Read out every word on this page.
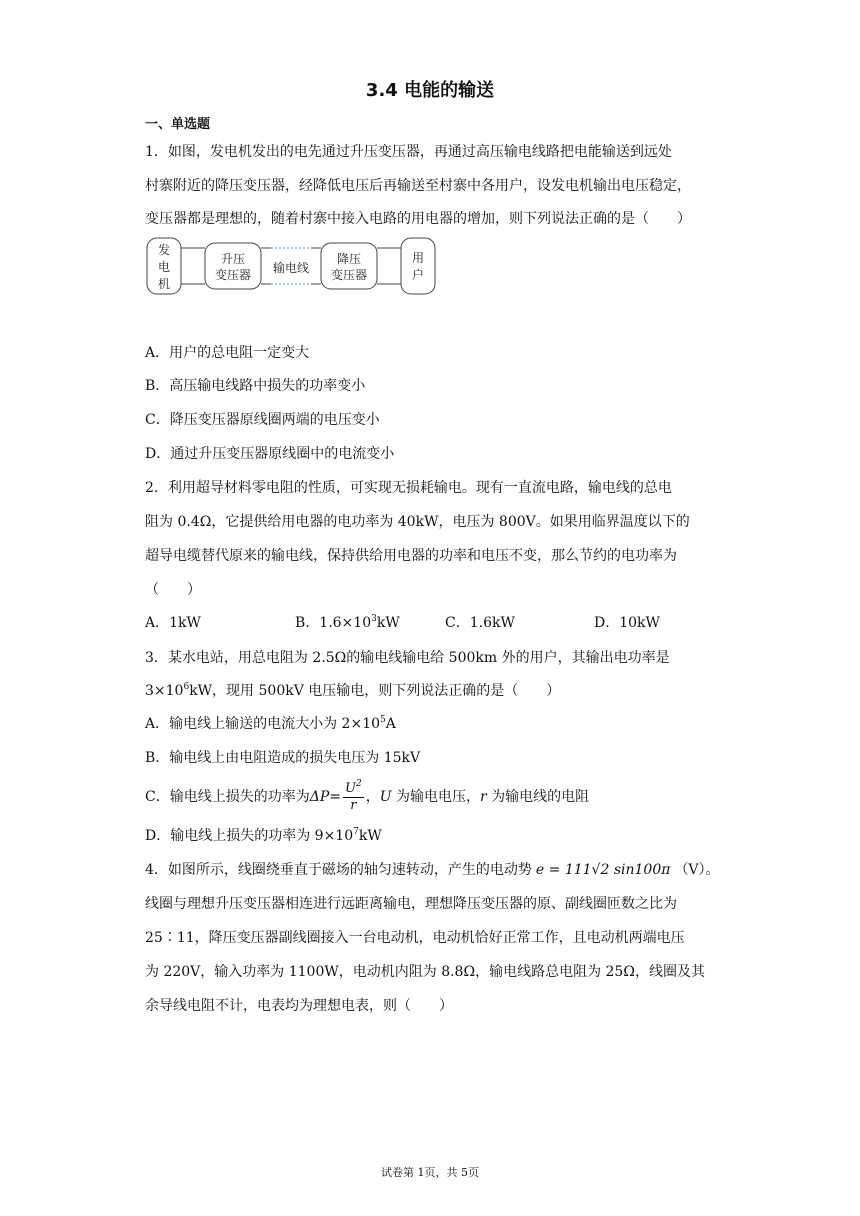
3.4 电能的输送
一、单选题
1．如图，发电机发出的电先通过升压变压器，再通过高压输电线路把电能输送到远处
村寨附近的降压变压器，经降低电压后再输送至村寨中各用户，设发电机输出电压稳定，
变压器都是理想的，随着村寨中接入电路的用电器的增加，则下列说法正确的是（　　）
发
电
机
升压
变压器 输电线
降压
变压器
用
户
A．用户的总电阻一定变大
B．高压输电线路中损失的功率变小
C．降压变压器原线圈两端的电压变小
D．通过升压变压器原线圈中的电流变小
2．利用超导材料零电阻的性质，可实现无损耗输电。现有一直流电路，输电线的总电
阻为 0.4Ω，它提供给用电器的电功率为 40kW，电压为 800V。如果用临界温度以下的
超导电缆替代原来的输电线，保持供给用电器的功率和电压不变，那么节约的电功率为
（　　）
A．1kW	B．$1.6\times 10^3kW$	C．1.6kW	D．10kW
3．某水电站，用总电阻为 2.5Ω的输电线输电给 500km 外的用户，其输出电功率是
$3\times 10^6kW$，现用 500kV 电压输电，则下列说法正确的是（　　）
A．输电线上输送的电流大小为 $2\times 10^5A$
B．输电线上由电阻造成的损失电压为 15kV
C．输电线上损失的功率为$\Delta P= \frac{U^2}{r}$ ，U 为输电电压，r 为输电线的电阻
D．输电线上损失的功率为 $9\times 10^7kW$
4．如图所示，线圈绕垂直于磁场的轴匀速转动，产生的电动势 e = 111√2 sin100π （V）。
线圈与理想升压变压器相连进行远距离输电，理想降压变压器的原、副线圈匝数之比为
25∶11，降压变压器副线圈接入一台电动机，电动机恰好正常工作，且电动机两端电压
为 220V，输入功率为 1100W，电动机内阻为 8.8Ω，输电线路总电阻为 25Ω，线圈及其
余导线电阻不计，电表均为理想电表，则（　　）
试卷第 1页，共 5页
